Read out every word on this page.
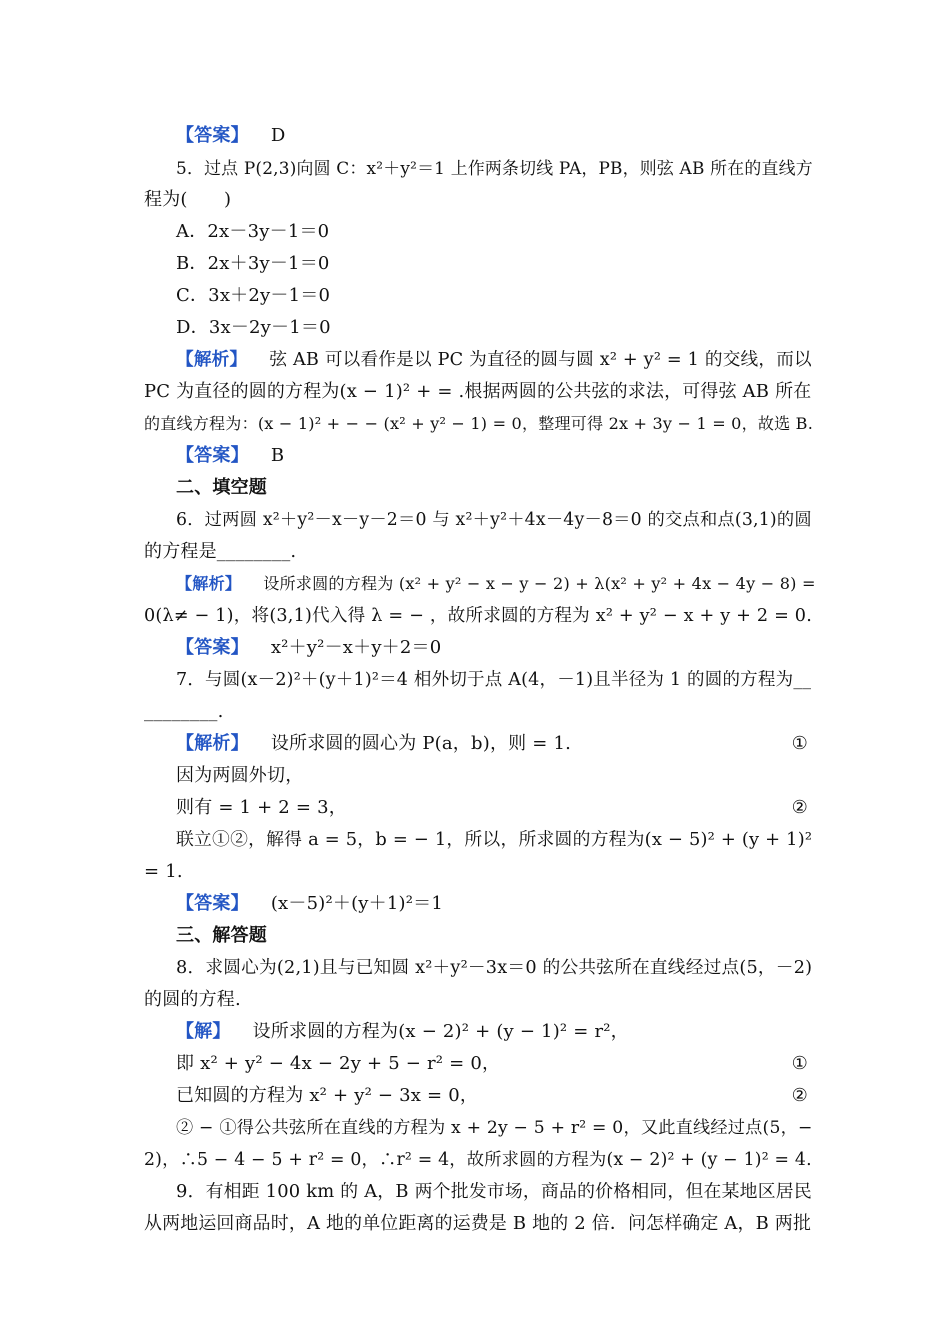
【答案】 D
5．过点 P(2,3)向圆 C：x²＋y²＝1 上作两条切线 PA，PB，则弦 AB 所在的直线方
程为(　　)
A．2x－3y－1＝0
B．2x＋3y－1＝0
C．3x＋2y－1＝0
D．3x－2y－1＝0
【解析】 弦 AB 可以看作是以 PC 为直径的圆与圆 x² + y² = 1 的交线，而以
PC 为直径的圆的方程为(x − 1)² + = .根据两圆的公共弦的求法，可得弦 AB 所在
的直线方程为：(x − 1)² + − − (x² + y² − 1) = 0，整理可得 2x + 3y − 1 = 0，故选 B.
【答案】 B
二、填空题
6．过两圆 x²＋y²－x－y－2＝0 与 x²＋y²＋4x－4y－8＝0 的交点和点(3,1)的圆
的方程是________.
【解析】 设所求圆的方程为 (x² + y² − x − y − 2) + λ(x² + y² + 4x − 4y − 8) =
0(λ≠ − 1)，将(3,1)代入得 λ = − ，故所求圆的方程为 x² + y² − x + y + 2 = 0.
【答案】 x²＋y²－x＋y＋2＝0
7．与圆(x－2)²＋(y＋1)²＝4 相外切于点 A(4，－1)且半径为 1 的圆的方程为__
________.
【解析】 设所求圆的圆心为 P(a，b)，则 = 1.	①
因为两圆外切，
则有 = 1 + 2 = 3，	②
联立①②，解得 a = 5，b = − 1，所以，所求圆的方程为(x − 5)² + (y + 1)²
= 1.
【答案】 (x－5)²＋(y＋1)²＝1
三、解答题
8．求圆心为(2,1)且与已知圆 x²＋y²－3x＝0 的公共弦所在直线经过点(5，－2)
的圆的方程.
【解】 设所求圆的方程为(x − 2)² + (y − 1)² = r²，
即 x² + y² − 4x − 2y + 5 − r² = 0，	①
已知圆的方程为 x² + y² − 3x = 0，	②
② − ①得公共弦所在直线的方程为 x + 2y − 5 + r² = 0，又此直线经过点(5，−
2)，∴5 − 4 − 5 + r² = 0，∴r² = 4，故所求圆的方程为(x − 2)² + (y − 1)² = 4.
9．有相距 100 km 的 A，B 两个批发市场，商品的价格相同，但在某地区居民
从两地运回商品时，A 地的单位距离的运费是 B 地的 2 倍．问怎样确定 A，B 两批
